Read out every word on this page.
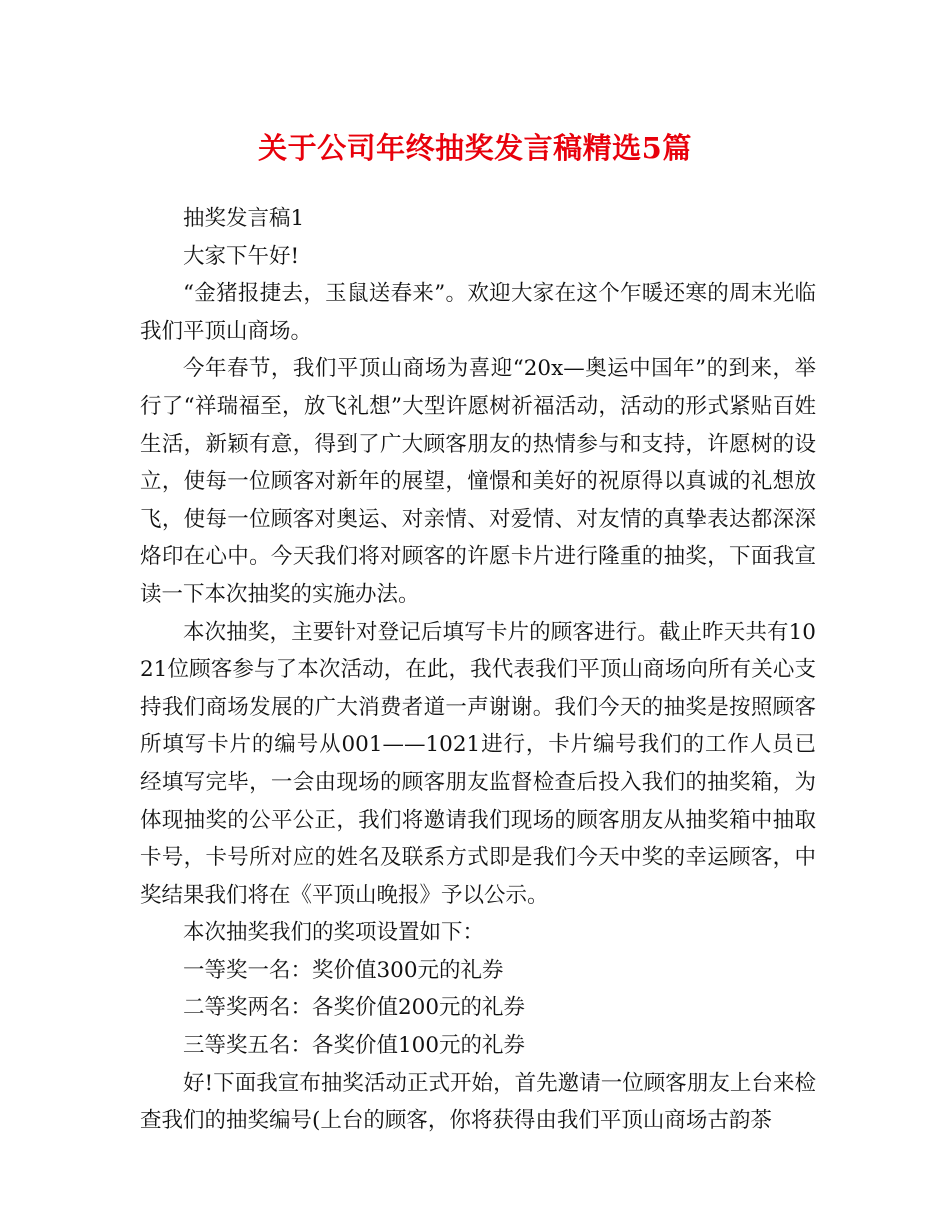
关于公司年终抽奖发言稿精选5篇

抽奖发言稿1

大家下午好!

“金猪报捷去，玉鼠送春来”。欢迎大家在这个乍暖还寒的周末光临我们平顶山商场。

今年春节，我们平顶山商场为喜迎“20x—奥运中国年”的到来，举行了“祥瑞福至，放飞礼想”大型许愿树祈福活动，活动的形式紧贴百姓生活，新颖有意，得到了广大顾客朋友的热情参与和支持，许愿树的设立，使每一位顾客对新年的展望，憧憬和美好的祝原得以真诚的礼想放飞，使每一位顾客对奥运、对亲情、对爱情、对友情的真挚表达都深深烙印在心中。今天我们将对顾客的许愿卡片进行隆重的抽奖，下面我宣读一下本次抽奖的实施办法。

本次抽奖，主要针对登记后填写卡片的顾客进行。截止昨天共有1021位顾客参与了本次活动，在此，我代表我们平顶山商场向所有关心支持我们商场发展的广大消费者道一声谢谢。我们今天的抽奖是按照顾客所填写卡片的编号从001——1021进行，卡片编号我们的工作人员已经填写完毕，一会由现场的顾客朋友监督检查后投入我们的抽奖箱，为体现抽奖的公平公正，我们将邀请我们现场的顾客朋友从抽奖箱中抽取卡号，卡号所对应的姓名及联系方式即是我们今天中奖的幸运顾客，中奖结果我们将在《平顶山晚报》予以公示。

本次抽奖我们的奖项设置如下：

一等奖一名：奖价值300元的礼券

二等奖两名：各奖价值200元的礼券

三等奖五名：各奖价值100元的礼券

好!下面我宣布抽奖活动正式开始，首先邀请一位顾客朋友上台来检查我们的抽奖编号(上台的顾客，你将获得由我们平顶山商场古韵茶
